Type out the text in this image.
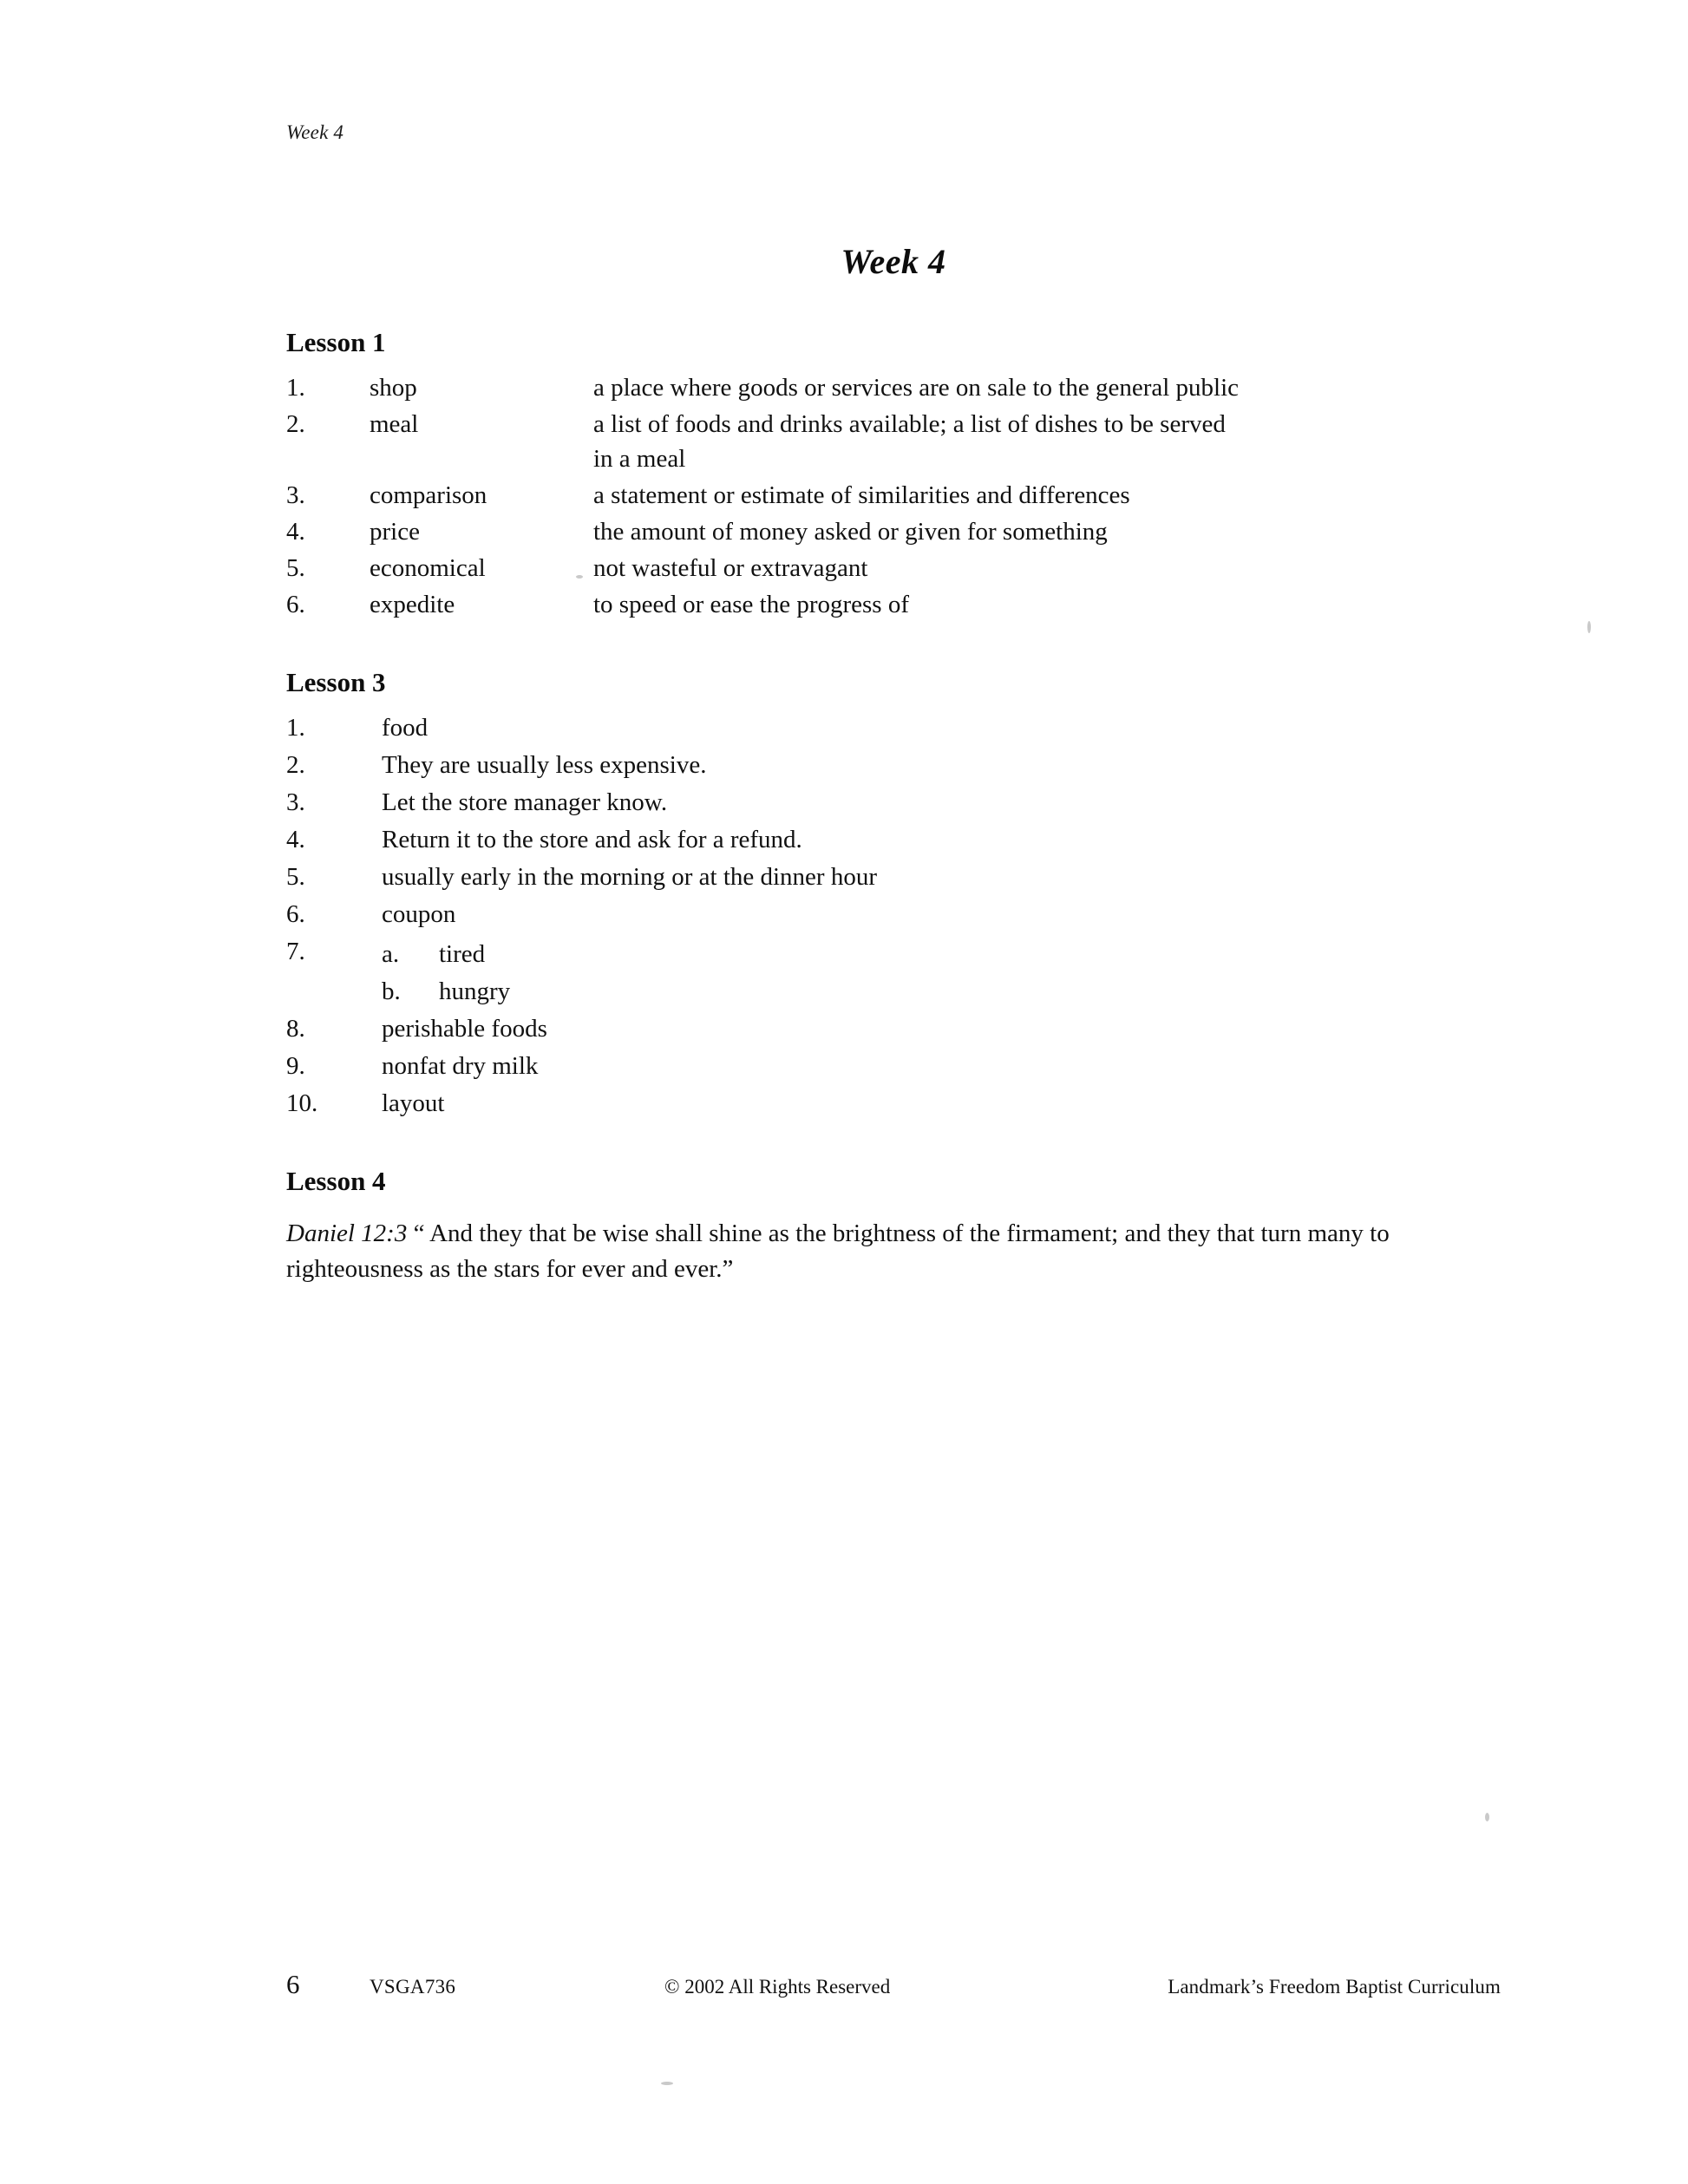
Week 4
Week 4
Lesson 1
1.	shop	a place where goods or services are on sale to the general public
2.	meal	a list of foods and drinks available; a list of dishes to be served
in a meal
3.	comparison	a statement or estimate of similarities and differences
4.	price	the amount of money asked or given for something
5.	economical	not wasteful or extravagant
6.	expedite	to speed or ease the progress of
Lesson 3
1.	food
2.	They are usually less expensive.
3.	Let the store manager know.
4.	Return it to the store and ask for a refund.
5.	usually early in the morning or at the dinner hour
6.	coupon
7.	a.	tired
b.	hungry
8.	perishable foods
9.	nonfat dry milk
10.	layout
Lesson 4
Daniel 12:3 “ And they that be wise shall shine as the brightness of the firmament; and they that turn many to righteousness as the stars for ever and ever.”
6	VSGA736	© 2002 All Rights Reserved	Landmark’s Freedom Baptist Curriculum
